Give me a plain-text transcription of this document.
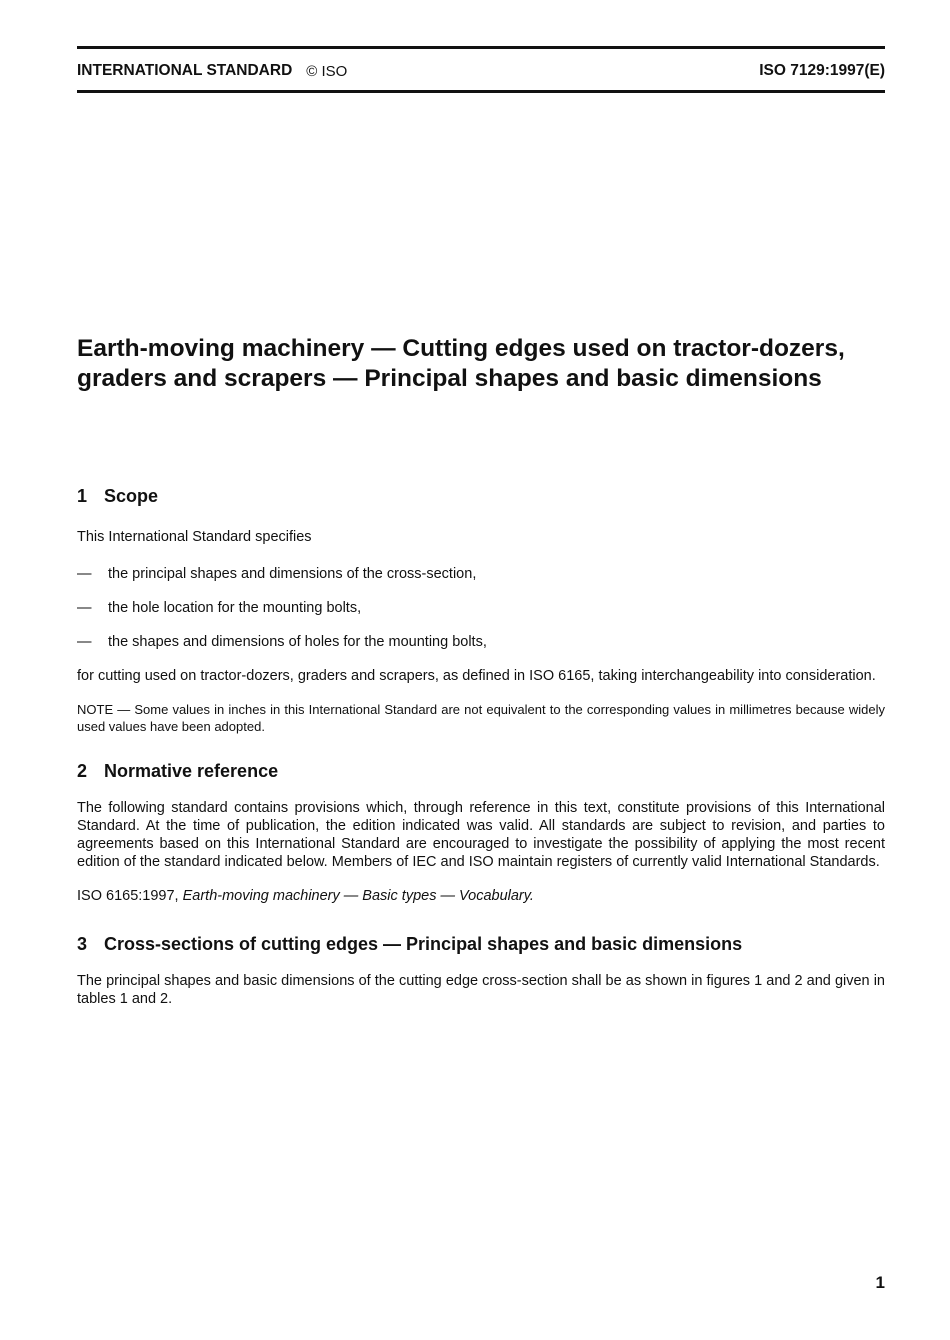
INTERNATIONAL STANDARD © ISO	ISO 7129:1997(E)
Earth-moving machinery — Cutting edges used on tractor-dozers,
graders and scrapers — Principal shapes and basic dimensions
1 Scope

This International Standard specifies

—	the principal shapes and dimensions of the cross-section,
—	the hole location for the mounting bolts,
—	the shapes and dimensions of holes for the mounting bolts,

for cutting used on tractor-dozers, graders and scrapers, as defined in ISO 6165, taking interchangeability into consideration.

NOTE — Some values in inches in this International Standard are not equivalent to the corresponding values in millimetres because widely used values have been adopted.

2 Normative reference

The following standard contains provisions which, through reference in this text, constitute provisions of this International Standard. At the time of publication, the edition indicated was valid. All standards are subject to revision, and parties to agreements based on this International Standard are encouraged to investigate the possibility of applying the most recent edition of the standard indicated below. Members of IEC and ISO maintain registers of currently valid International Standards.

ISO 6165:1997, Earth-moving machinery — Basic types — Vocabulary.

3 Cross-sections of cutting edges — Principal shapes and basic dimensions

The principal shapes and basic dimensions of the cutting edge cross-section shall be as shown in figures 1 and 2 and given in tables 1 and 2.

1
